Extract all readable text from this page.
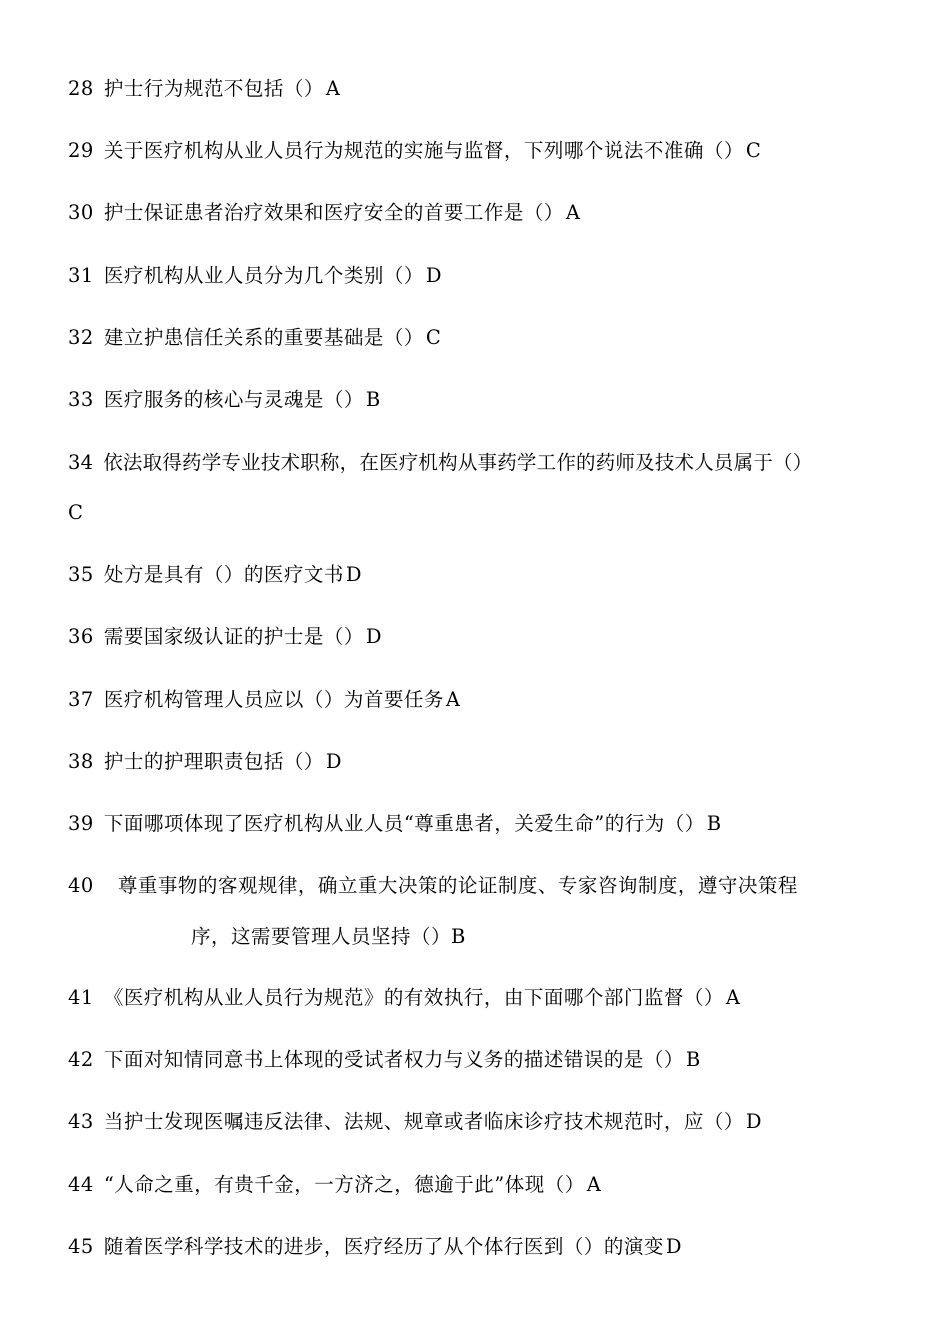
28 护士行为规范不包括（） A
29 关于医疗机构从业人员行为规范的实施与监督，下列哪个说法不准确（） C
30 护士保证患者治疗效果和医疗安全的首要工作是（） A
31 医疗机构从业人员分为几个类别（） D
32 建立护患信任关系的重要基础是（） C
33 医疗服务的核心与灵魂是（） B
34 依法取得药学专业技术职称，在医疗机构从事药学工作的药师及技术人员属于（）
C
35 处方是具有（）的医疗文书 D
36 需要国家级认证的护士是（） D
37 医疗机构管理人员应以（）为首要任务 A
38 护士的护理职责包括（） D
39 下面哪项体现了医疗机构从业人员“尊重患者，关爱生命”的行为（） B
40 尊重事物的客观规律，确立重大决策的论证制度、专家咨询制度，遵守决策程
序，这需要管理人员坚持（）B
41 《医疗机构从业人员行为规范》的有效执行，由下面哪个部门监督（） A
42 下面对知情同意书上体现的受试者权力与义务的描述错误的是（） B
43 当护士发现医嘱违反法律、法规、规章或者临床诊疗技术规范时，应（） D
44 “人命之重，有贵千金，一方济之，德逾于此”体现（） A
45 随着医学科学技术的进步，医疗经历了从个体行医到（）的演变 D
